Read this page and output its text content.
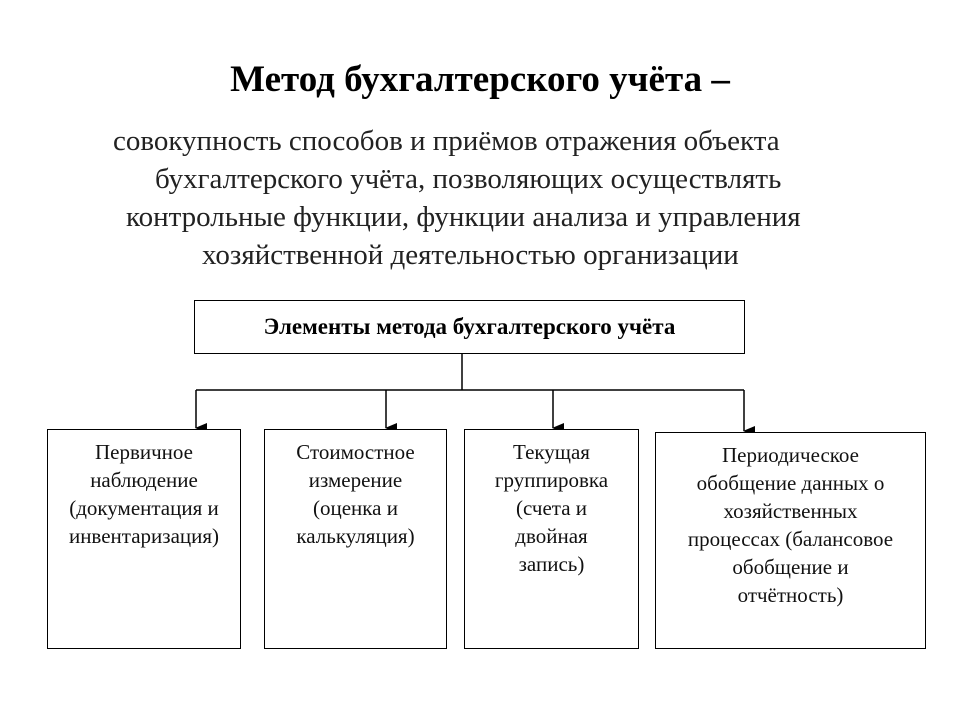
Метод бухгалтерского учёта –
совокупность способов и приёмов отражения объекта
бухгалтерского учёта, позволяющих осуществлять
контрольные функции, функции анализа и управления
хозяйственной деятельностью организации
Элементы метода бухгалтерского учёта
Первичное
наблюдение
(документация и
инвентаризация)
Стоимостное
измерение
(оценка и
калькуляция)
Текущая
группировка
(счета и
двойная
запись)
Периодическое
обобщение данных о
хозяйственных
процессах (балансовое
обобщение и
отчётность)
